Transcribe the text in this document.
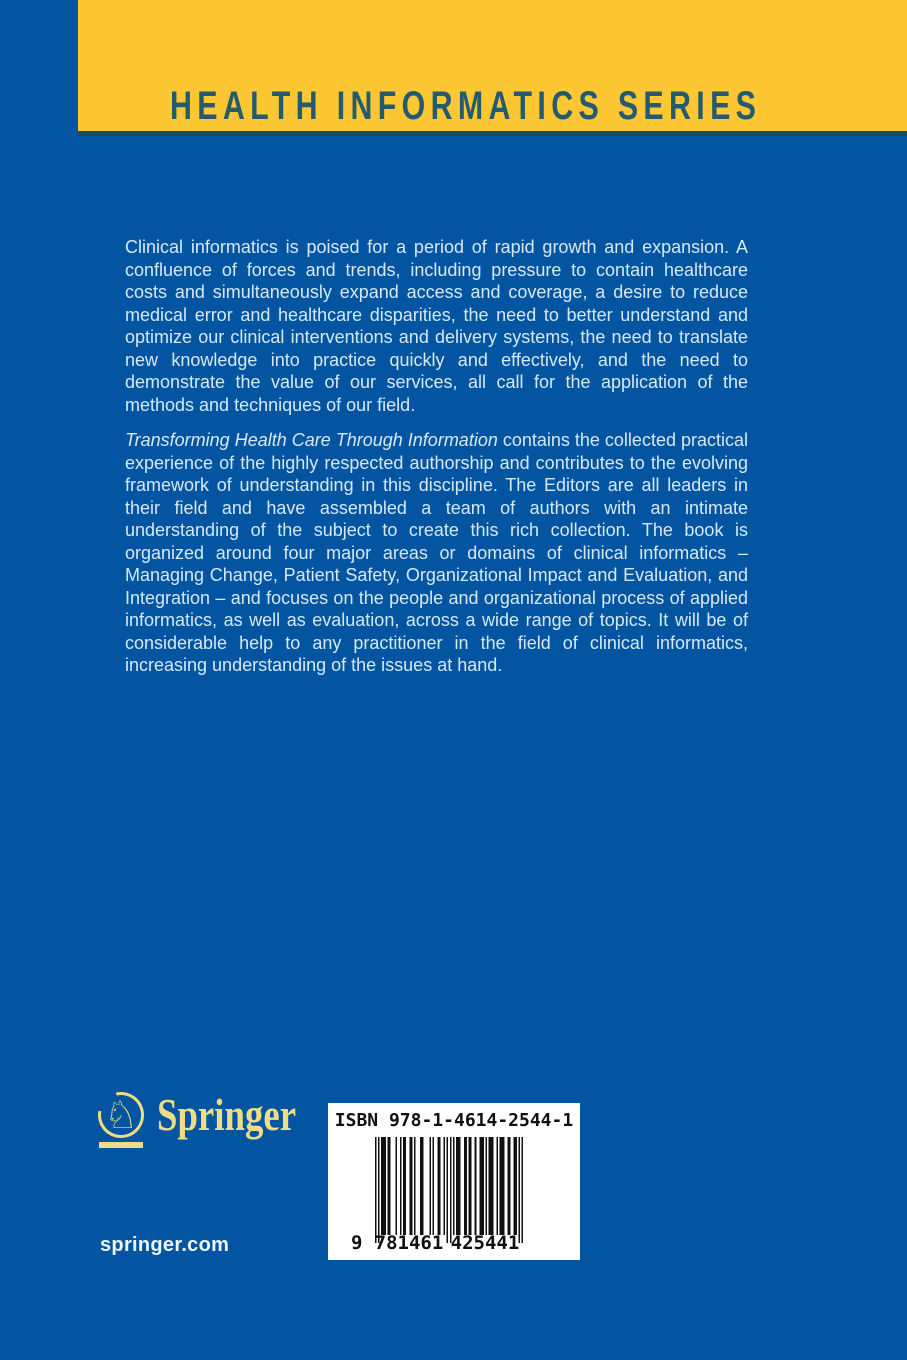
HEALTH INFORMATICS SERIES

Clinical informatics is poised for a period of rapid growth and expansion. A confluence of forces and trends, including pressure to contain healthcare costs and simultaneously expand access and coverage, a desire to reduce medical error and healthcare disparities, the need to better understand and optimize our clinical interventions and delivery systems, the need to translate new knowledge into practice quickly and effectively, and the need to demonstrate the value of our services, all call for the application of the methods and techniques of our field.

Transforming Health Care Through Information contains the collected practical experience of the highly respected authorship and contributes to the evolving framework of understanding in this discipline. The Editors are all leaders in their field and have assembled a team of authors with an intimate understanding of the subject to create this rich collection. The book is organized around four major areas or domains of clinical informatics – Managing Change, Patient Safety, Organizational Impact and Evaluation, and Integration – and focuses on the people and organizational process of applied informatics, as well as evaluation, across a wide range of topics. It will be of considerable help to any practitioner in the field of clinical informatics, increasing understanding of the issues at hand.

♘ Springer	ISBN 978-1-4614-2544-1
9 781461 425441
springer.com
